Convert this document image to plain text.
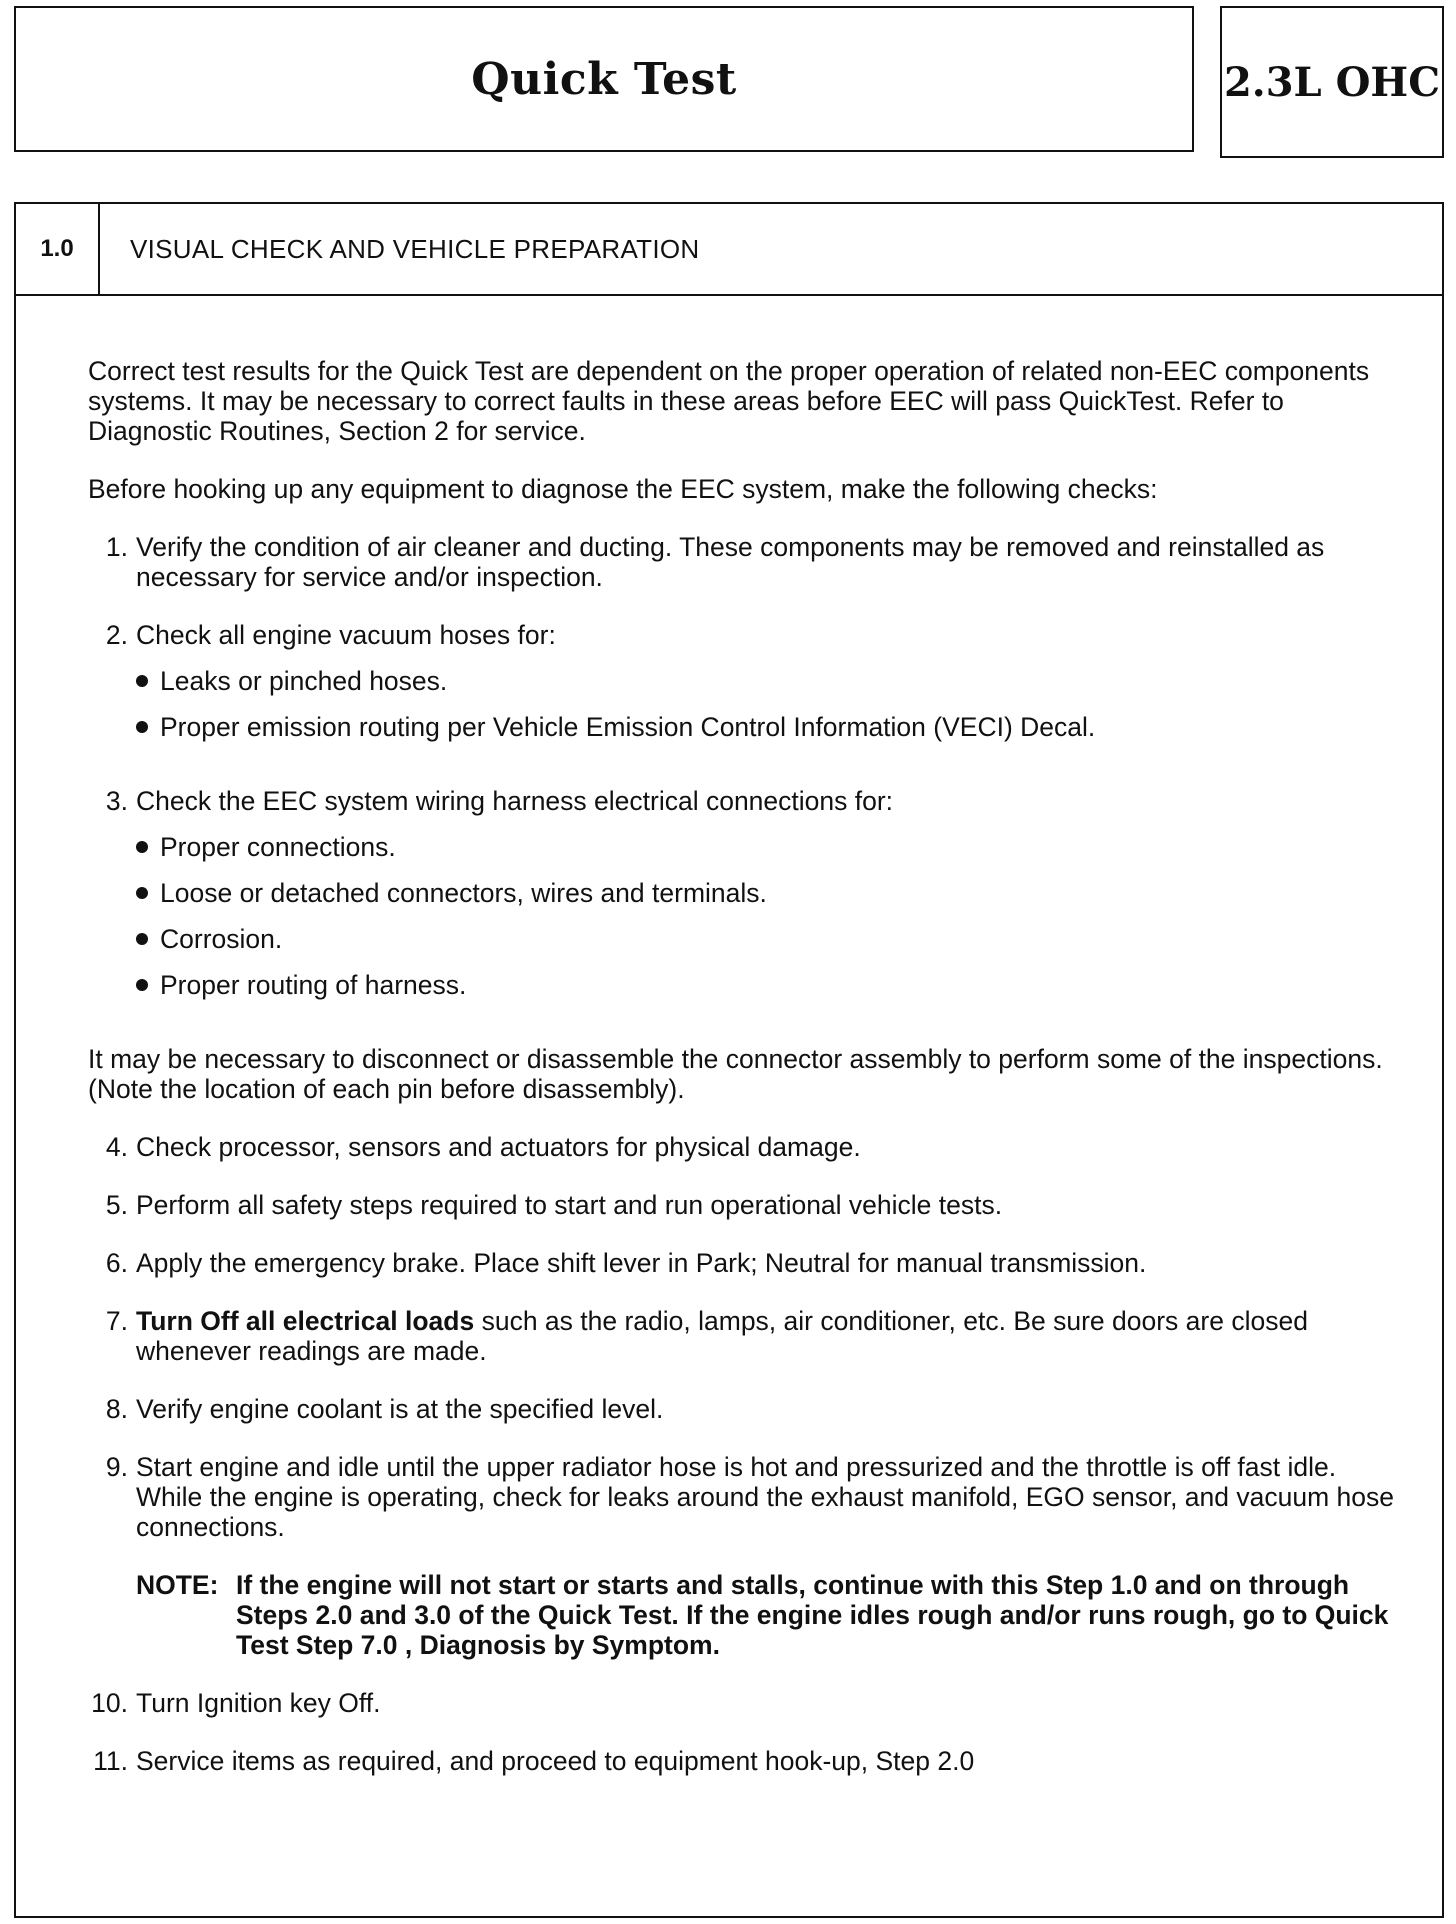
Quick Test	2.3L OHC
1.0	VISUAL CHECK AND VEHICLE PREPARATION

Correct test results for the Quick Test are dependent on the proper operation of related non-EEC components systems. It may be necessary to correct faults in these areas before EEC will pass QuickTest. Refer to Diagnostic Routines, Section 2 for service.

Before hooking up any equipment to diagnose the EEC system, make the following checks:

1. Verify the condition of air cleaner and ducting. These components may be removed and reinstalled as necessary for service and/or inspection.
2. Check all engine vacuum hoses for:
Leaks or pinched hoses.
Proper emission routing per Vehicle Emission Control Information (VECI) Decal.
3. Check the EEC system wiring harness electrical connections for:
Proper connections.
Loose or detached connectors, wires and terminals.
Corrosion.
Proper routing of harness.

It may be necessary to disconnect or disassemble the connector assembly to perform some of the inspections. (Note the location of each pin before disassembly).

4. Check processor, sensors and actuators for physical damage.
5. Perform all safety steps required to start and run operational vehicle tests.
6. Apply the emergency brake. Place shift lever in Park; Neutral for manual transmission.
7. Turn Off all electrical loads such as the radio, lamps, air conditioner, etc. Be sure doors are closed whenever readings are made.
8. Verify engine coolant is at the specified level.
9. Start engine and idle until the upper radiator hose is hot and pressurized and the throttle is off fast idle. While the engine is operating, check for leaks around the exhaust manifold, EGO sensor, and vacuum hose connections.
NOTE: If the engine will not start or starts and stalls, continue with this Step 1.0 and on through Steps 2.0 and 3.0 of the Quick Test. If the engine idles rough and/or runs rough, go to Quick Test Step 7.0 , Diagnosis by Symptom.
10. Turn Ignition key Off.
11. Service items as required, and proceed to equipment hook-up, Step 2.0
